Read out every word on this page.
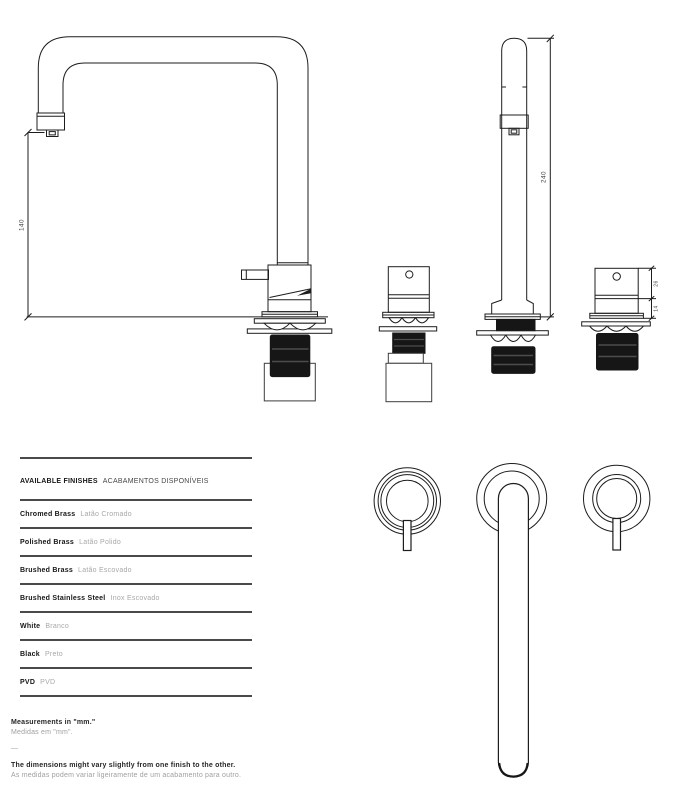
140
240
26
14
AVAILABLE FINISHES ACABAMENTOS DISPONÍVEIS
Chromed Brass Latão Cromado
Polished Brass Latão Polido
Brushed Brass Latão Escovado
Brushed Stainless Steel Inox Escovado
White Branco
Black Preto
PVD PVD
Measurements in "mm."
Medidas em "mm".
—
The dimensions might vary slightly from one finish to the other.
As medidas podem variar ligeiramente de um acabamento para outro.
